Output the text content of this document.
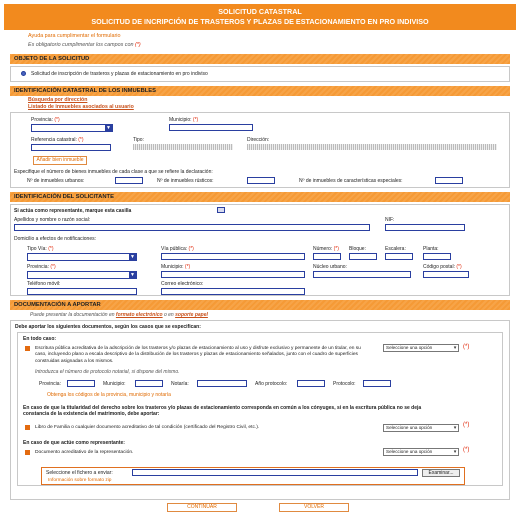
SOLICITUD CATASTRAL
SOLICITUD DE INCRIPCIÓN DE TRASTEROS Y PLAZAS DE ESTACIONAMIENTO EN PRO INDIVISO
Ayuda para cumplimentar el formulario
Es obligatorio cumplimentar los campos con (*)
OBJETO DE LA SOLICITUD
Solicitud de inscripción de trasteros y plazas de estacionamiento en pro indiviso
IDENTIFICACIÓN CATASTRAL DE LOS INMUEBLES
Búsqueda por dirección
Listado de inmuebles asociados al usuario
Provincia: (*)
▼
Municipio: (*)
Referencia catastral: (*)	Tipo:	Dirección:
Añadir bien inmueble
Especifique el número de bienes inmuebles de cada clase a que se refiere la declaración:
Nº de inmuebles urbanos:	Nº de inmuebles rústicos:	Nº de inmuebles de características especiales:
IDENTIFICACIÓN DEL SOLICITANTE
Si actúa como representante, marque esta casilla
Apellidos y nombre o razón social:	NIF:
Domicilio a efectos de notificaciones:
Tipo Vía: (*)
▼
Vía pública: (*)	Número: (*) Bloque:	Escalera:	Planta:
Provincia: (*)
▼
Municipio: (*)	Núcleo urbano:	Código postal: (*)
Teléfono móvil:	Correo electrónico:
DOCUMENTACIÓN A APORTAR
Puede presentar la documentación en formato electrónico o en soporte papel
Debe aportar los siguientes documentos, según los casos que se especifican:
En todo caso:
Escritura pública acreditativa de la adscripción de los trasteros y/o plazas de estacionamiento al uso y disfrute exclusivo y permanente de un titular, en su caso, incluyendo plano a escala descriptivo de la distribución de los trasteros y plazas de estacionamiento señalados, junto con el cuadro de superficies construidas asignadas a los mismos.
Seleccione una opción	▼ (*)
Introduzca el número de protocolo notarial, si dispone del mismo.
Provincia:	Municipio:	Notaría:	Año protocolo:	Protocolo:
Obtenga los códigos de la provincia, municipio y notaría
En caso de que la titularidad del derecho sobre los trasteros y/o plazas de estacionamiento corresponda en común a los cónyuges, si en la escritura pública no se deja constancia de la existencia del matrimonio, debe aportar:
Libro de Familia o cualquier documento acreditativo de tal condición (certificado del Registro Civil, etc.).	Seleccione una opción	▼ (*)
En caso de que actúe como representante:
Documento acreditativo de la representación.	Seleccione una opción	▼ (*)
Seleccione el fichero a enviar:	Examinar...
Información sobre formato zip
CONTINUAR	VOLVER
